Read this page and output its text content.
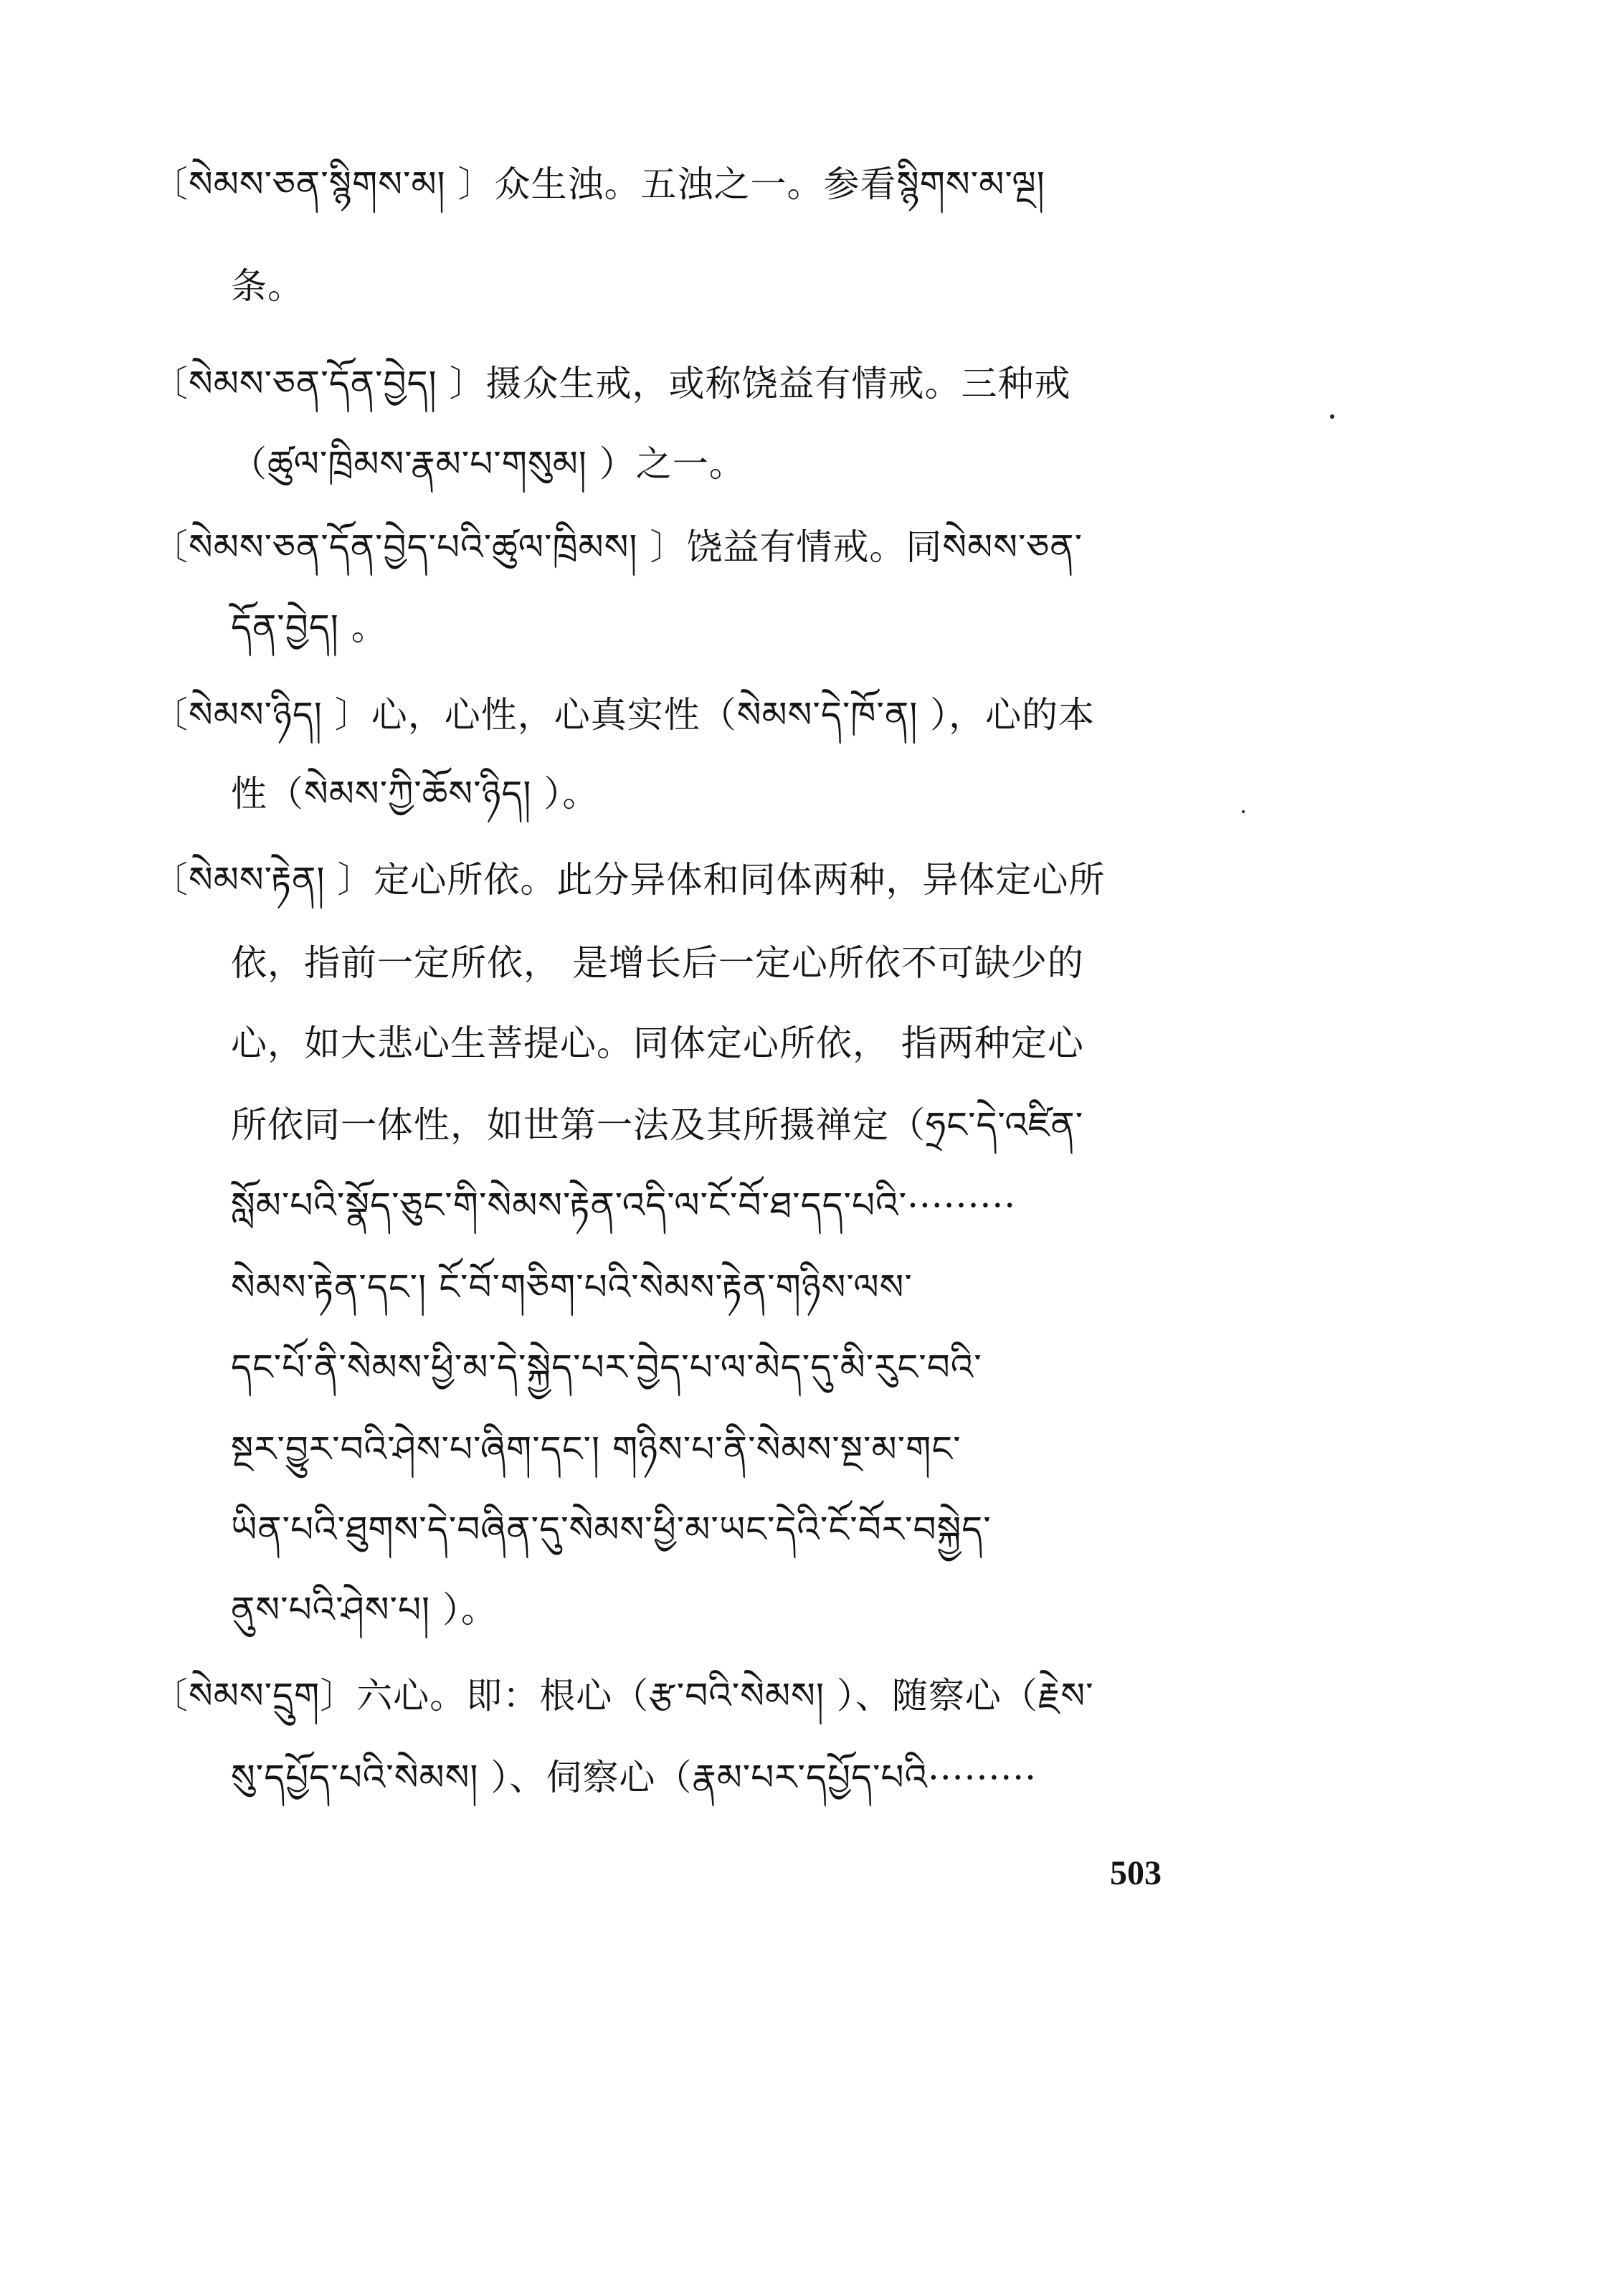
〔སེམས་ཅན་སྙིགས་མ། 〕众生浊。五浊之一。参看སྙིགས་མ་ལྔ།
条。
〔སེམས་ཅན་དོན་བྱེད། 〕摄众生戒，或称饶益有情戒。三种戒
（ཚུལ་ཁྲིམས་རྣམ་པ་གསུམ། ）之一。
〔སེམས་ཅན་དོན་བྱེད་པའི་ཚུལ་ཁྲིམས། 〕饶益有情戒。同སེམས་ཅན་
དོན་བྱེད། 。
〔སེམས་ཉིད། 〕心，心性，心真实性（སེམས་དེ་ཁོ་ན། ），心的本
性（སེམས་ཀྱི་ཆོས་ཉིད། ）。
〔སེམས་རྟེན། 〕定心所依。此分异体和同体两种，异体定心所
依，指前一定所依， 是增长后一定心所依不可缺少的
心，如大悲心生菩提心。同体定心所依， 指两种定心
所依同一体性，如世第一法及其所摄禅定（ཧྲང་དེ་འཛིན་
སློམ་པའི་སྣོད་ཅུང་གི་སེམས་རྟེན་འདི་ལ་ངོ་བོ་ཐ་དད་པའི་·········
སེམས་རྟེན་དང་། ངོ་བོ་གཅིག་པའི་སེམས་རྟེན་གཉིས་ལས་
དང་པོ་ནི་སེམས་ཕྱི་མ་དེ་སྐྱེད་པར་བྱེད་པ་ལ་མེད་དུ་མི་རུང་བའི་
སྔར་བྱུར་བའི་ཤེས་པ་ཞིག་དང་། གཉིས་པ་ནི་སེམས་སྔ་མ་གང་
ཡིན་པའི་ཐུགས་དེ་བཞིན་དུ་སེམས་ཕྱི་མ་ཡང་དེའི་ངོ་བོར་བསྐྱེད་
ནུས་པའི་ཤེས་པ། ）。
〔སེམས་དྲུག〕六心。即：根心（རྩ་བའི་སེམས། ）、随察心（རྗེས་
སུ་དཔྱོད་པའི་སེམས། ）、伺察心（རྣམ་པར་དཔྱོད་པའི·········
503
